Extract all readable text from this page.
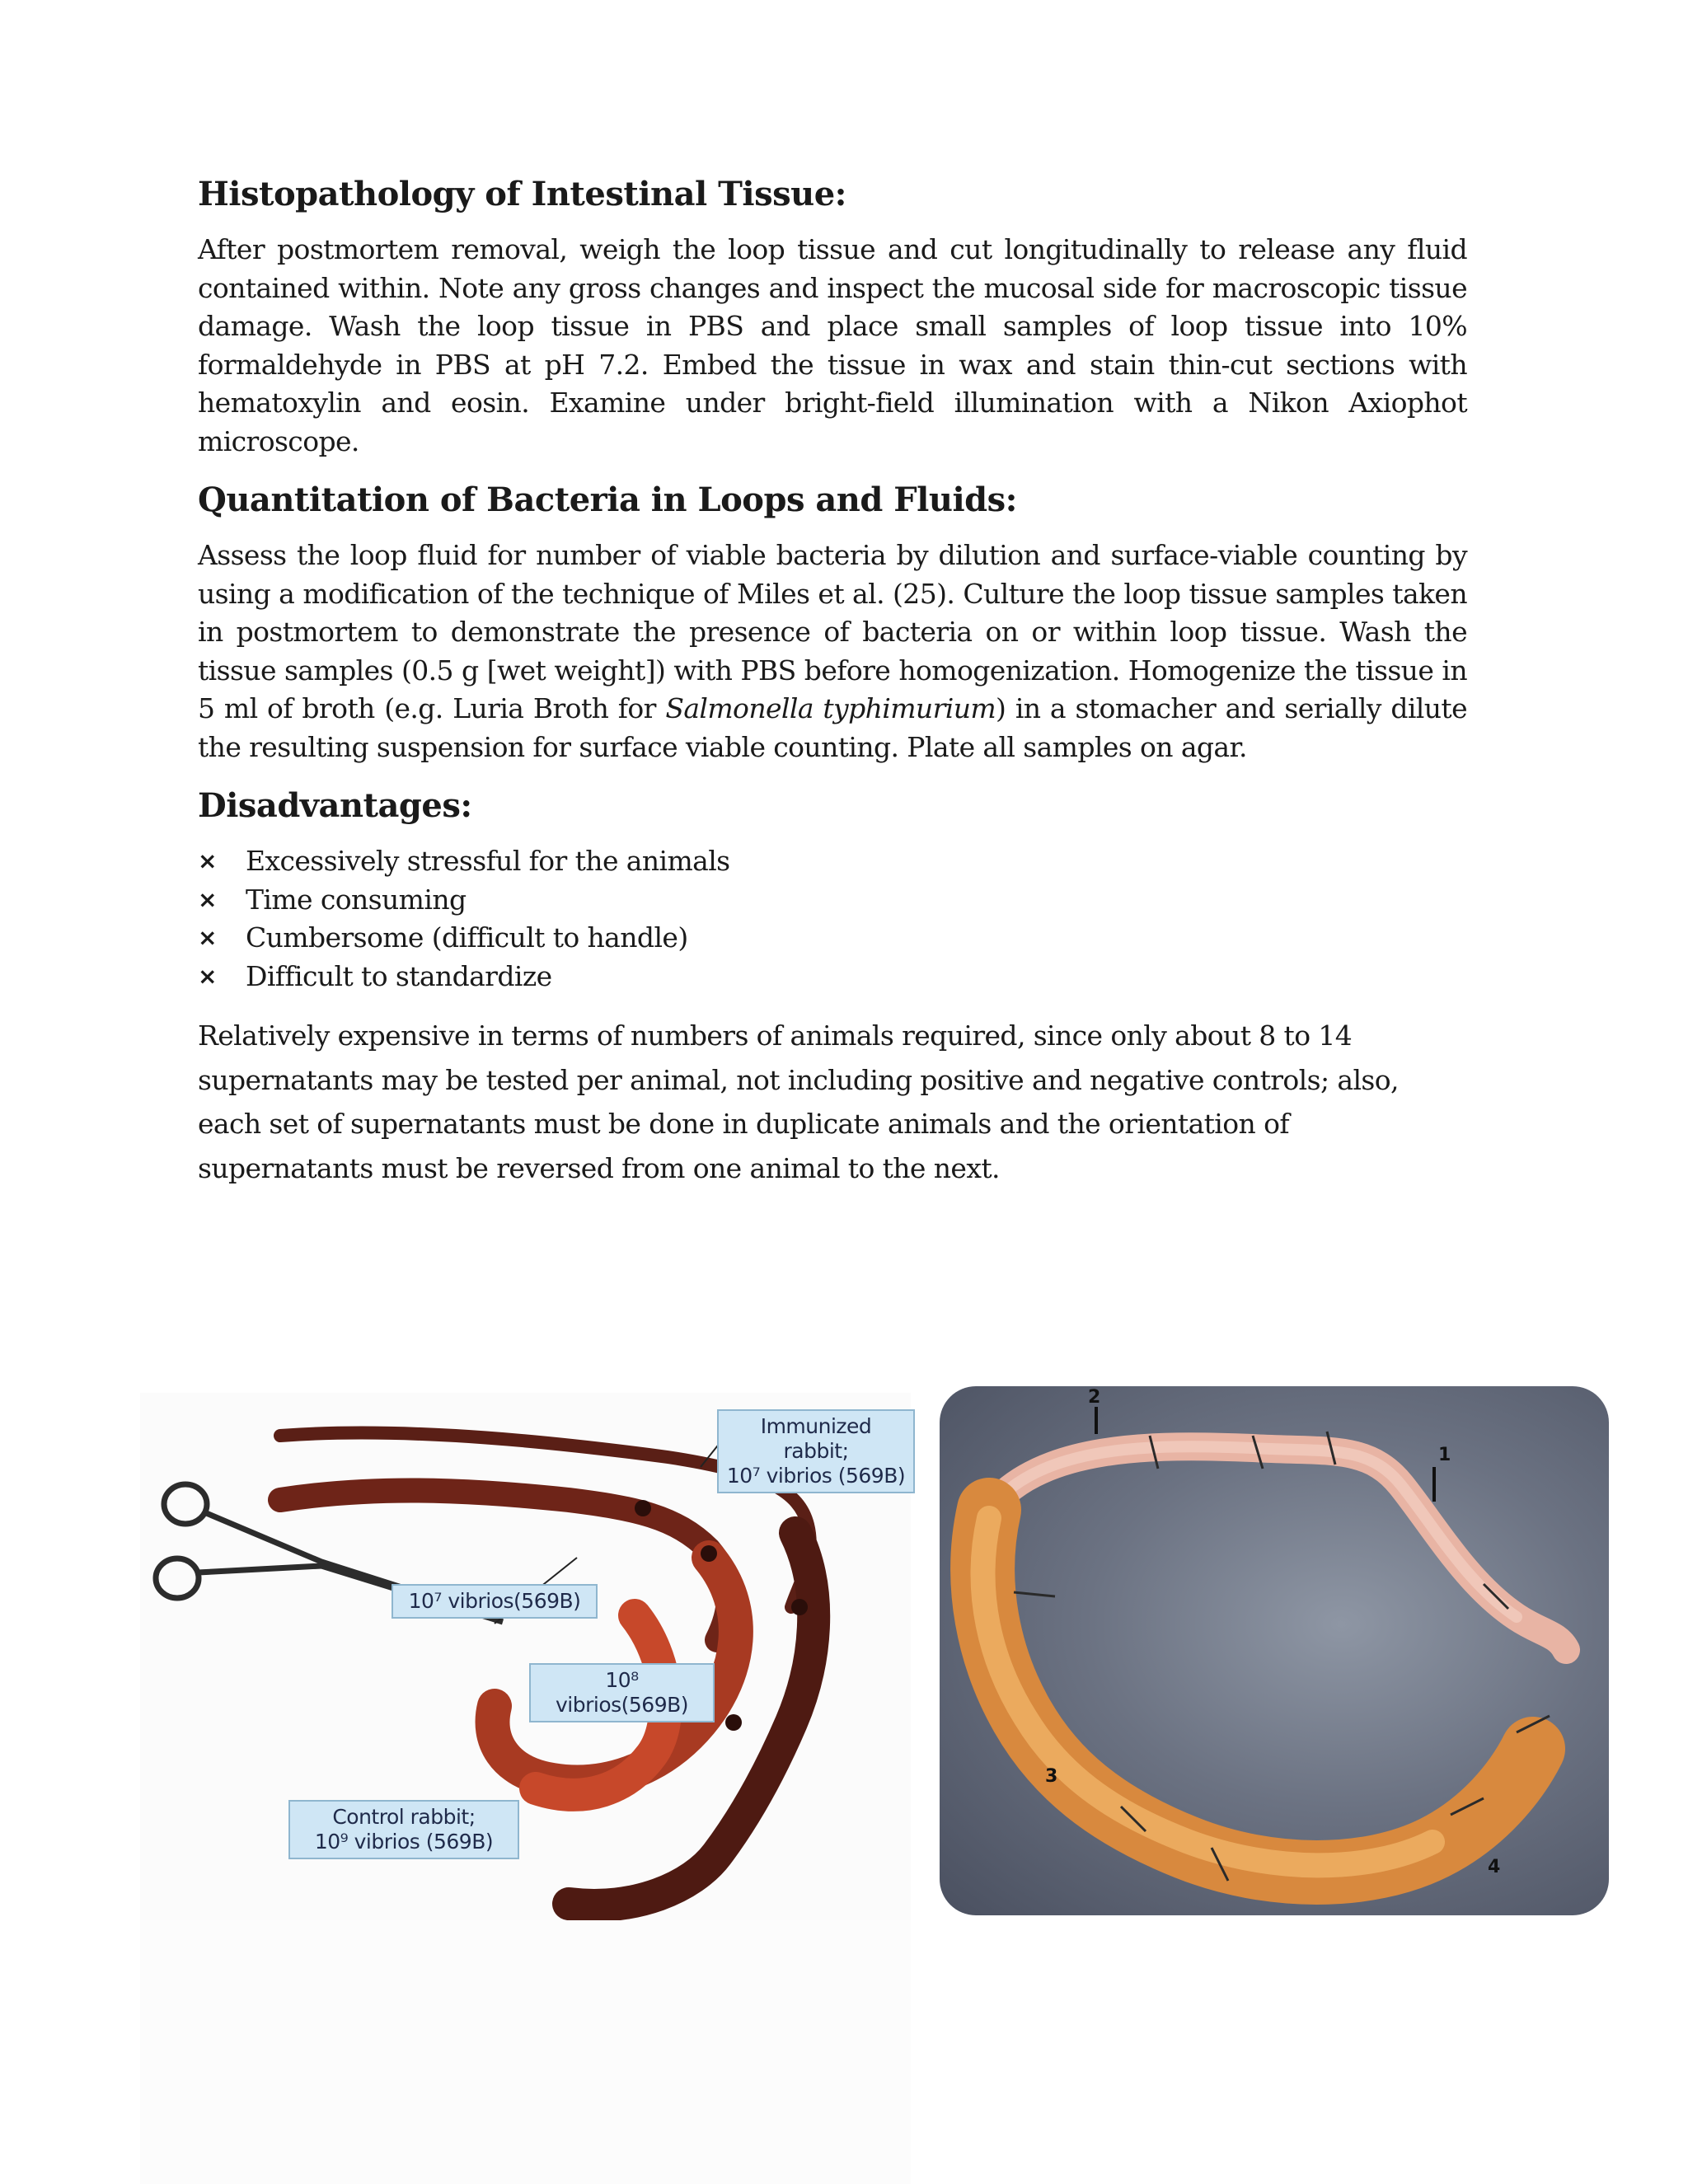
Histopathology of Intestinal Tissue:

After postmortem removal, weigh the loop tissue and cut longitudinally to release any fluid contained within. Note any gross changes and inspect the mucosal side for macroscopic tissue damage. Wash the loop tissue in PBS and place small samples of loop tissue into 10% formaldehyde in PBS at pH 7.2. Embed the tissue in wax and stain thin-cut sections with hematoxylin and eosin. Examine under bright-field illumination with a Nikon Axiophot microscope.

Quantitation of Bacteria in Loops and Fluids:

Assess the loop fluid for number of viable bacteria by dilution and surface-viable counting by using a modification of the technique of Miles et al. (25). Culture the loop tissue samples taken in postmortem to demonstrate the presence of bacteria on or within loop tissue. Wash the tissue samples (0.5 g [wet weight]) with PBS before homogenization. Homogenize the tissue in 5 ml of broth (e.g. Luria Broth for Salmonella typhimurium) in a stomacher and serially dilute the resulting suspension for surface viable counting. Plate all samples on agar.

Disadvantages:
× Excessively stressful for the animals
× Time consuming
× Cumbersome (difficult to handle)
× Difficult to standardize

Relatively expensive in terms of numbers of animals required, since only about 8 to 14 supernatants may be tested per animal, not including positive and negative controls; also, each set of supernatants must be done in duplicate animals and the orientation of supernatants must be reversed from one animal to the next.

Immunized rabbit;
10⁷ vibrios (569B)
10⁷ vibrios(569B)
10⁸ vibrios(569B)
Control rabbit;
10⁹ vibrios (569B)
2
1
3
4
